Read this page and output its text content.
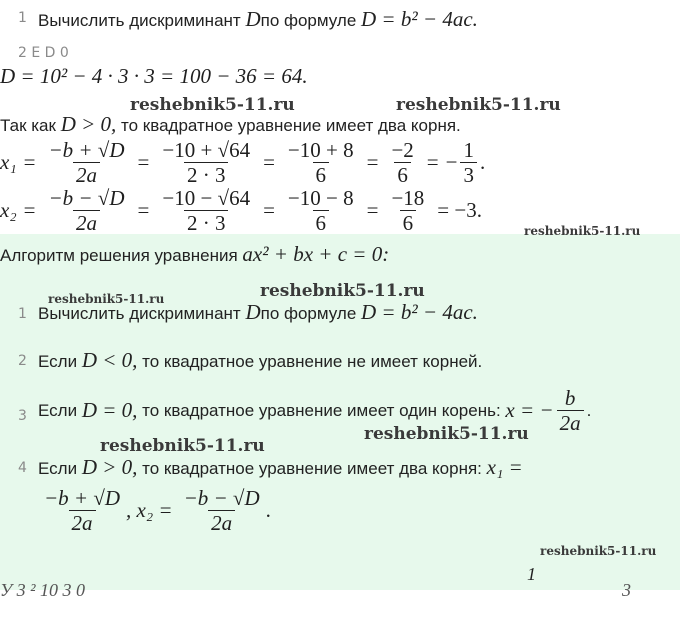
1 Вычислить дискриминант Dпо формуле D = b² − 4ac.
2 Е D 0
D = 10² − 4 · 3 · 3 = 100 − 36 = 64.
reshebnik5-11.ru	reshebnik5-11.ru
Так как D > 0, то квадратное уравнение имеет два корня.
$x_1 = \frac{-b + √D}{2a} = \frac{-10 + √64}{2 \cdot 3} = \frac{-10 + 8}{6} = \frac{-2}{6}$ = − $\frac{1}{3}$ .
$x_2 = \frac{-b - √D}{2a} = \frac{-10 - √64}{2 \cdot 3} = \frac{-10 - 8}{6} = \frac{-18}{6} = -3$.
reshebnik5-11.ru
Алгоритм решения уравнения ax² + bx + c = 0:
reshebnik5-11.ru
reshebnik5-11.ru
1 Вычислить дискриминант Dпо формуле D = b² − 4ac.
2 Если D < 0, то квадратное уравнение не имеет корней.
3 Если
D = 0,
то квадратное уравнение имеет один корень:
x = − $\frac{b}{2a}$ .
reshebnik5-11.ru
reshebnik5-11.ru
4 Если D > 0, то квадратное уравнение имеет два корня: x₁ =
$\frac{-b + √D}{2a}$ , $x_2 = \frac{-b - √D}{2a}$ .
reshebnik5-11.ru
1
У 3 ² 10 3 0	3
